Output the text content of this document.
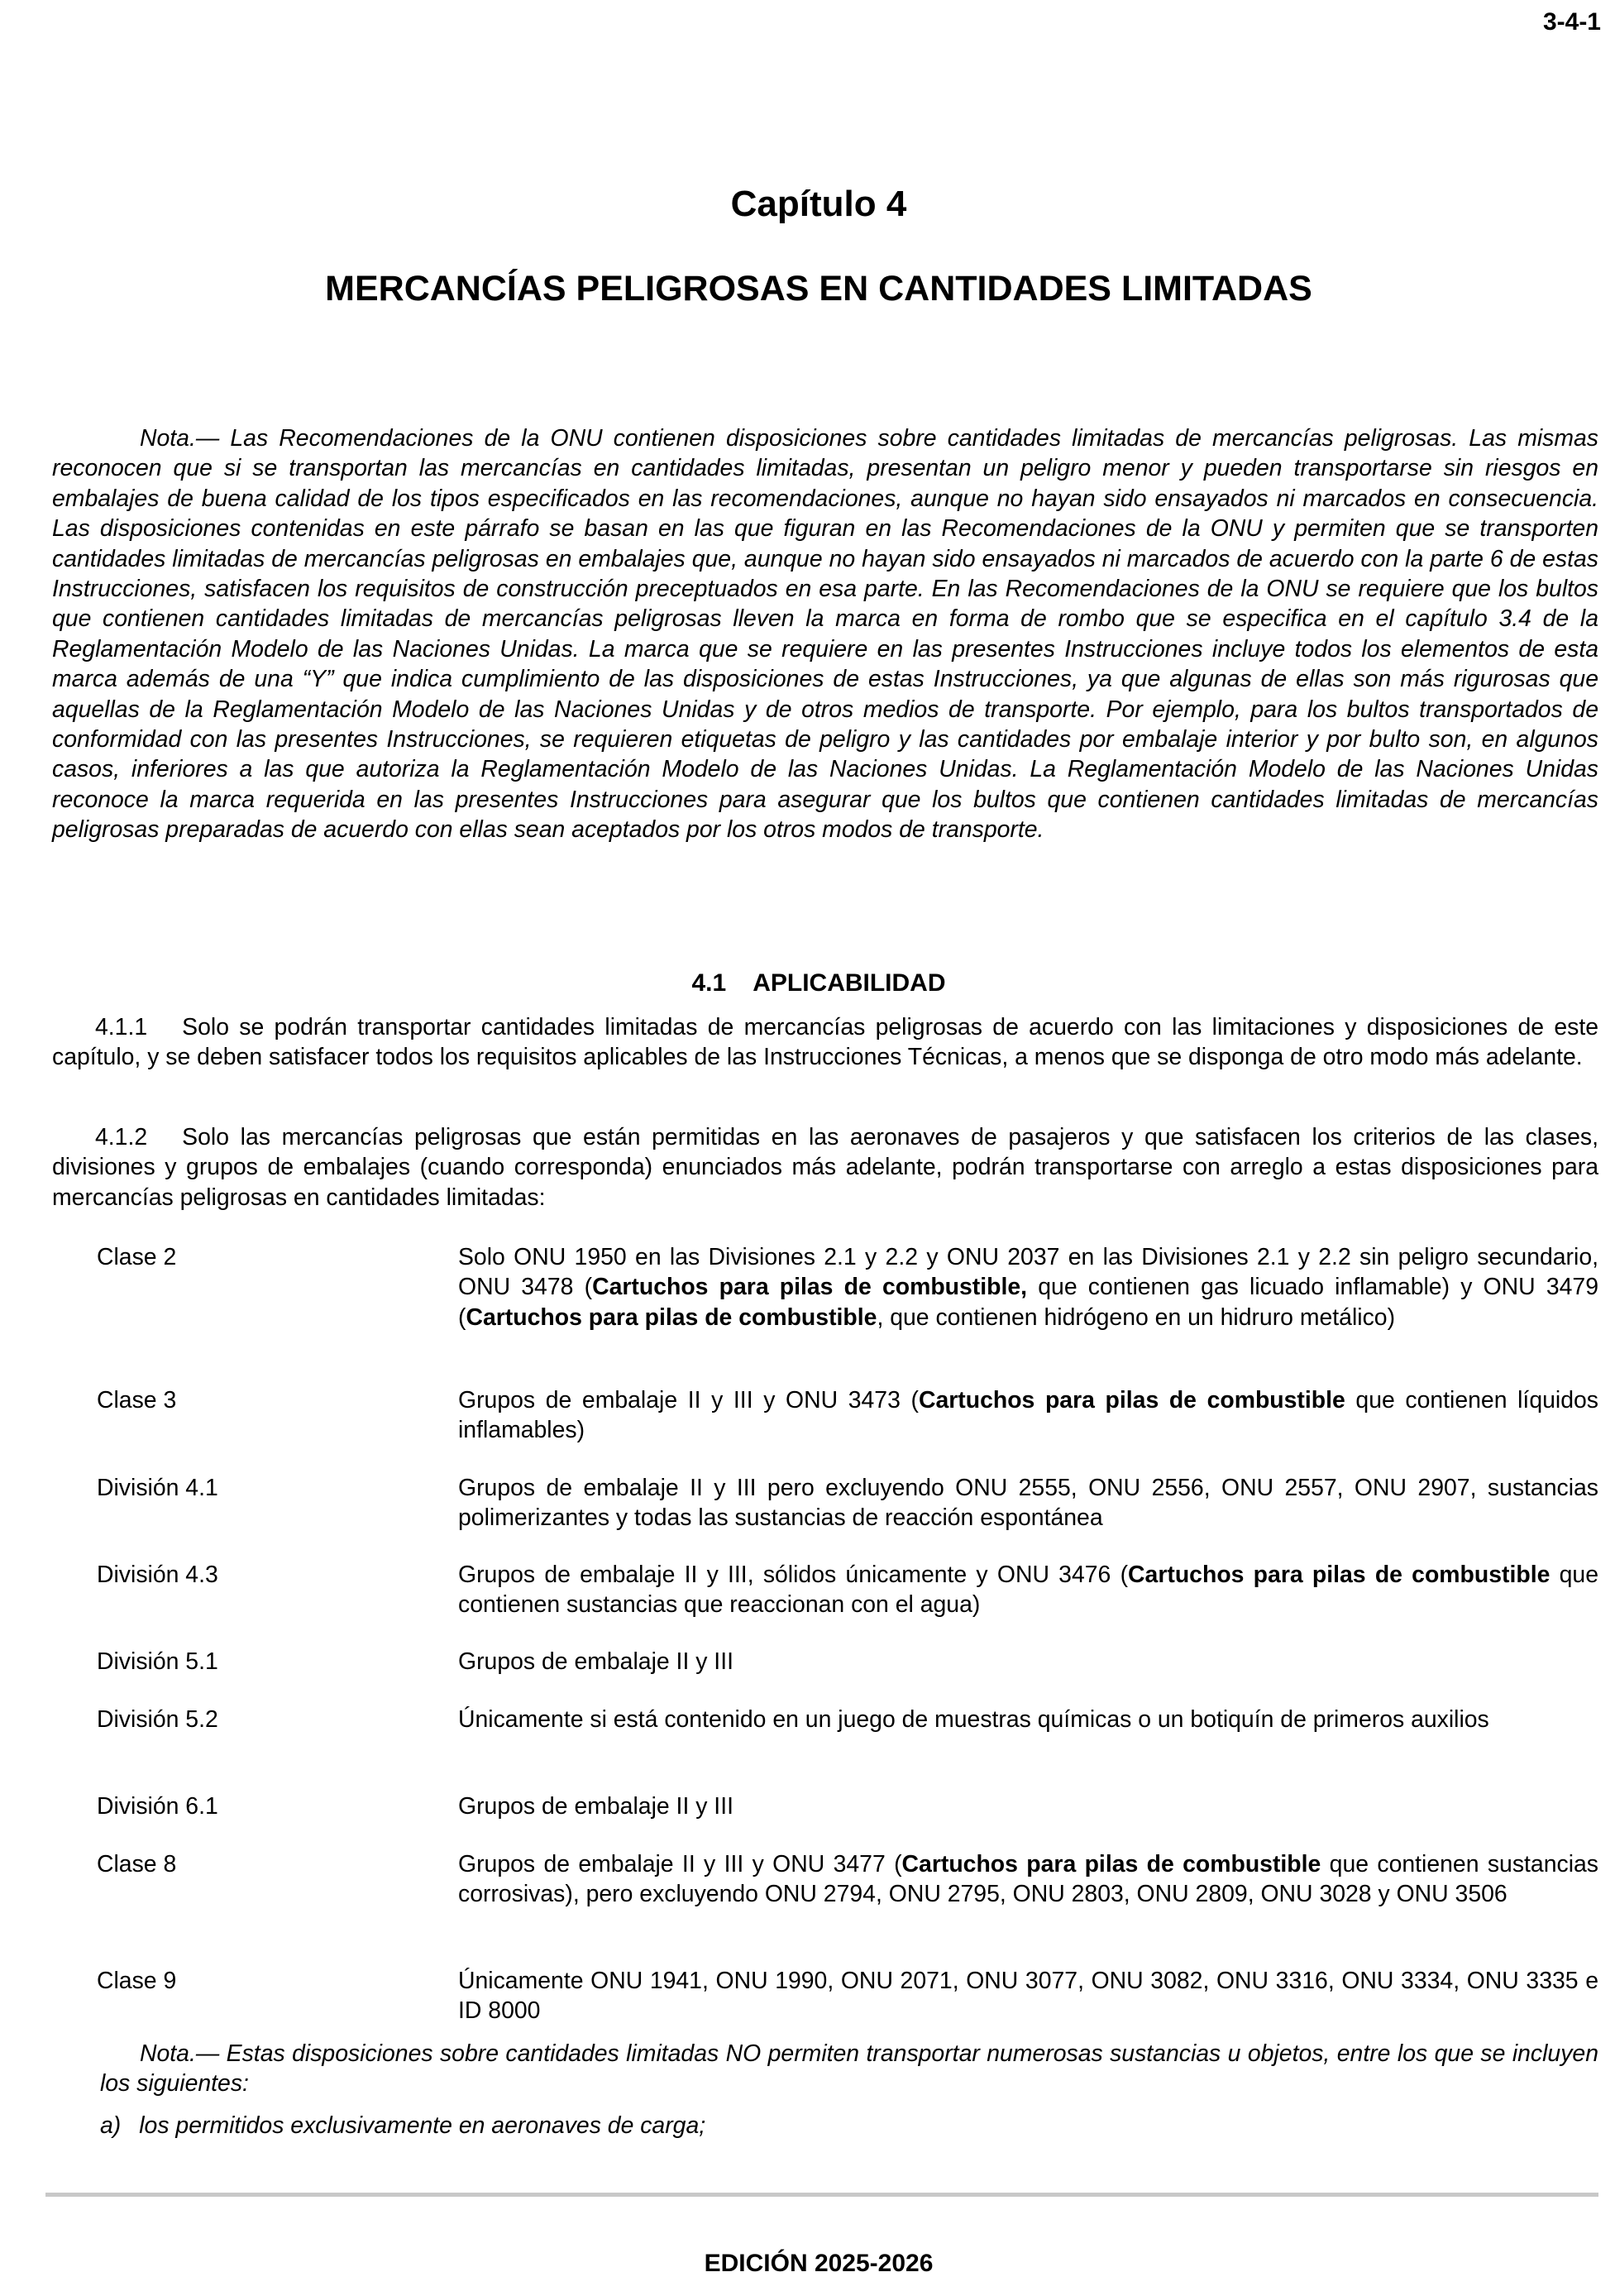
3-4-1
Capítulo 4
MERCANCÍAS PELIGROSAS EN CANTIDADES LIMITADAS

Nota.— Las Recomendaciones de la ONU contienen disposiciones sobre cantidades limitadas de mercancías peligrosas. Las mismas reconocen que si se transportan las mercancías en cantidades limitadas, presentan un peligro menor y pueden transportarse sin riesgos en embalajes de buena calidad de los tipos especificados en las recomendaciones, aunque no hayan sido ensayados ni marcados en consecuencia. Las disposiciones contenidas en este párrafo se basan en las que figuran en las Recomendaciones de la ONU y permiten que se transporten cantidades limitadas de mercancías peligrosas en embalajes que, aunque no hayan sido ensayados ni marcados de acuerdo con la parte 6 de estas Instrucciones, satisfacen los requisitos de construcción preceptuados en esa parte. En las Recomendaciones de la ONU se requiere que los bultos que contienen cantidades limitadas de mercancías peligrosas lleven la marca en forma de rombo que se especifica en el capítulo 3.4 de la Reglamentación Modelo de las Naciones Unidas. La marca que se requiere en las presentes Instrucciones incluye todos los elementos de esta marca además de una “Y” que indica cumplimiento de las disposiciones de estas Instrucciones, ya que algunas de ellas son más rigurosas que aquellas de la Reglamentación Modelo de las Naciones Unidas y de otros medios de transporte. Por ejemplo, para los bultos transportados de conformidad con las presentes Instrucciones, se requieren etiquetas de peligro y las cantidades por embalaje interior y por bulto son, en algunos casos, inferiores a las que autoriza la Reglamentación Modelo de las Naciones Unidas. La Reglamentación Modelo de las Naciones Unidas reconoce la marca requerida en las presentes Instrucciones para asegurar que los bultos que contienen cantidades limitadas de mercancías peligrosas preparadas de acuerdo con ellas sean aceptados por los otros modos de transporte.

4.1 APLICABILIDAD

4.1.1 Solo se podrán transportar cantidades limitadas de mercancías peligrosas de acuerdo con las limitaciones y disposiciones de este capítulo, y se deben satisfacer todos los requisitos aplicables de las Instrucciones Técnicas, a menos que se disponga de otro modo más adelante.

4.1.2 Solo las mercancías peligrosas que están permitidas en las aeronaves de pasajeros y que satisfacen los criterios de las clases, divisiones y grupos de embalajes (cuando corresponda) enunciados más adelante, podrán transportarse con arreglo a estas disposiciones para mercancías peligrosas en cantidades limitadas:

Clase 2	Solo ONU 1950 en las Divisiones 2.1 y 2.2 y ONU 2037 en las Divisiones 2.1 y 2.2 sin peligro secundario, ONU 3478 (Cartuchos para pilas de combustible, que contienen gas licuado inflamable) y ONU 3479 (Cartuchos para pilas de combustible, que contienen hidrógeno en un hidruro metálico)
Clase 3	Grupos de embalaje II y III y ONU 3473 (Cartuchos para pilas de combustible que contienen líquidos inflamables)
División 4.1	Grupos de embalaje II y III pero excluyendo ONU 2555, ONU 2556, ONU 2557, ONU 2907, sustancias polimerizantes y todas las sustancias de reacción espontánea
División 4.3	Grupos de embalaje II y III, sólidos únicamente y ONU 3476 (Cartuchos para pilas de combustible que contienen sustancias que reaccionan con el agua)
División 5.1	Grupos de embalaje II y III
División 5.2	Únicamente si está contenido en un juego de muestras químicas o un botiquín de primeros auxilios
División 6.1	Grupos de embalaje II y III
Clase 8	Grupos de embalaje II y III y ONU 3477 (Cartuchos para pilas de combustible que contienen sustancias corrosivas), pero excluyendo ONU 2794, ONU 2795, ONU 2803, ONU 2809, ONU 3028 y ONU 3506
Clase 9	Únicamente ONU 1941, ONU 1990, ONU 2071, ONU 3077, ONU 3082, ONU 3316, ONU 3334, ONU 3335 e ID 8000

Nota.— Estas disposiciones sobre cantidades limitadas NO permiten transportar numerosas sustancias u objetos, entre los que se incluyen los siguientes:

a) los permitidos exclusivamente en aeronaves de carga;
EDICIÓN 2025-2026
